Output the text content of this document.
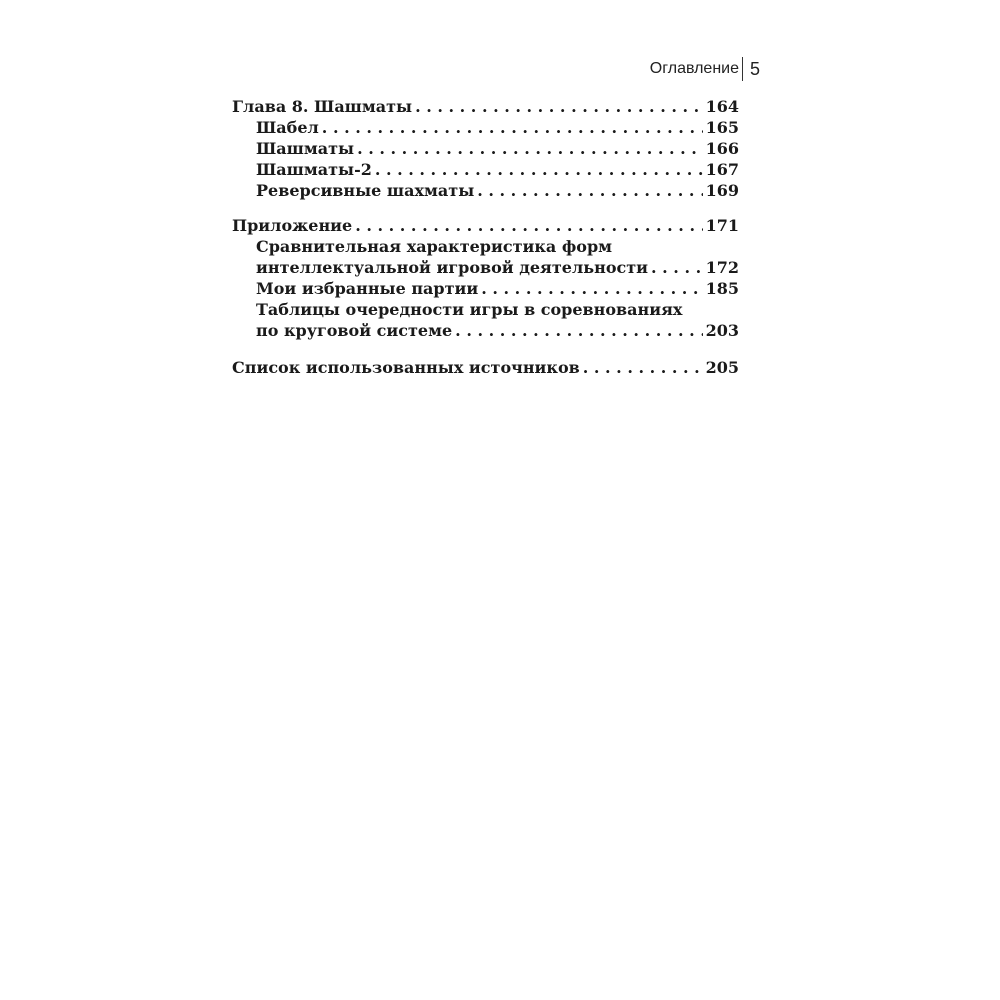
Оглавление 5
Глава 8. Шашматы . . .	164
Шабел . . .	165
Шашматы . . .	166
Шашматы-2 . . .	167
Реверсивные шахматы . . .	169
Приложение . . .	171
Сравнительная характеристика форм
интеллектуальной игровой деятельности . . .	172
Мои избранные партии . . .	185
Таблицы очередности игры в соревнованиях
по круговой системе . . .	203
Список использованных источников . . .	205
